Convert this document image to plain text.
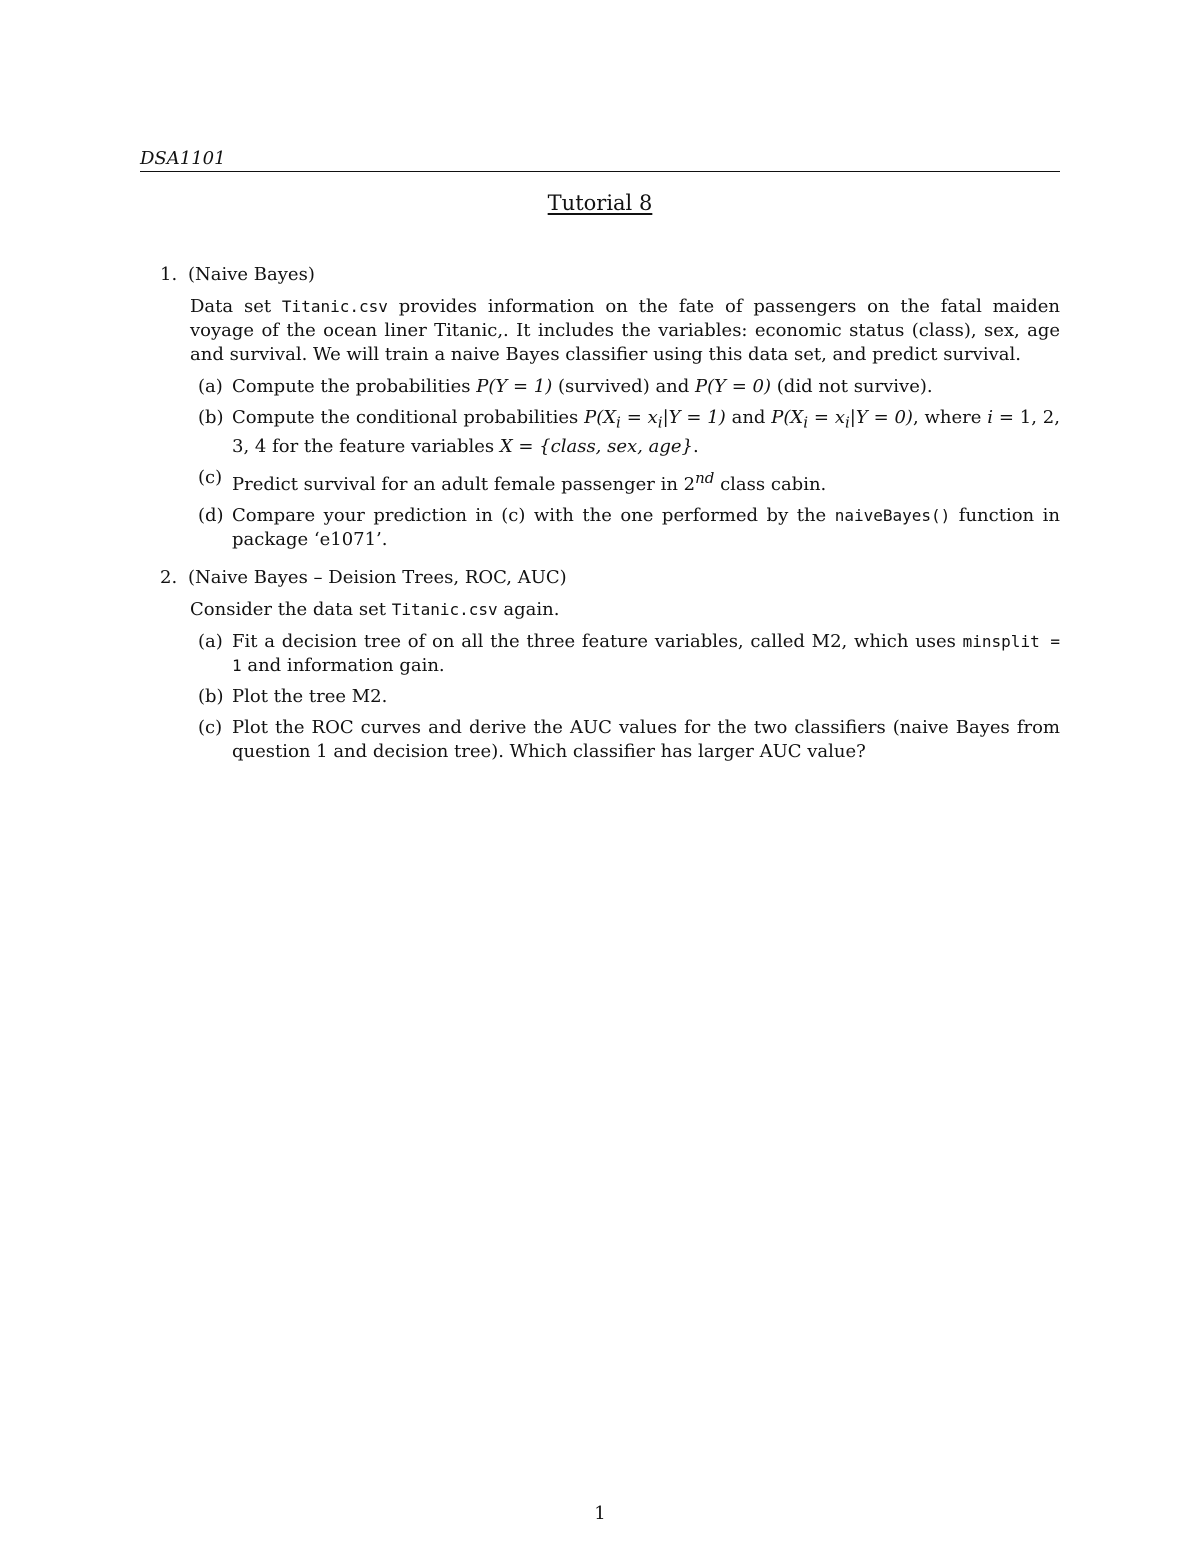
DSA1101
Tutorial 8
1. (Naive Bayes)
Data set Titanic.csv provides information on the fate of passengers on the fatal maiden voyage of the ocean liner Titanic,. It includes the variables: economic status (class), sex, age and survival. We will train a naive Bayes classifier using this data set, and predict survival.
(a) Compute the probabilities P(Y = 1) (survived) and P(Y = 0) (did not survive).
(b) Compute the conditional probabilities $P(X_i = x_i|Y = 1)$ and $P(X_i = x_i|Y = 0)$, where i = 1, 2, 3, 4 for the feature variables X = {class, sex, age}.
(c) Predict survival for an adult female passenger in 2nd class cabin.
(d) Compare your prediction in (c) with the one performed by the naiveBayes() function in package ‘e1071’.
2. (Naive Bayes – Deision Trees, ROC, AUC)
Consider the data set Titanic.csv again.
(a) Fit a decision tree of on all the three feature variables, called M2, which uses minsplit = 1 and information gain.
(b) Plot the tree M2.
(c) Plot the ROC curves and derive the AUC values for the two classifiers (naive Bayes from question 1 and decision tree). Which classifier has larger AUC value?
1
